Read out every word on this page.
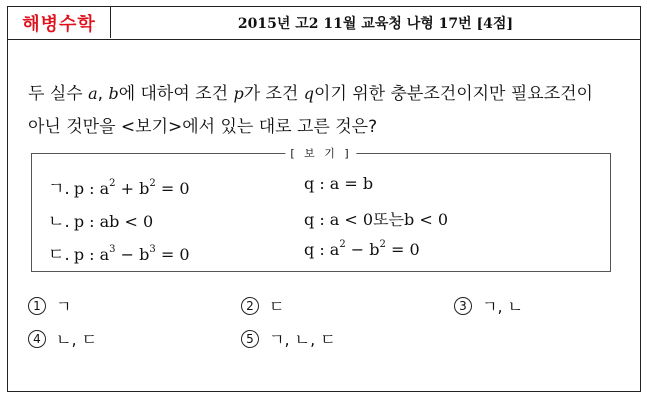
해병수학	2015년 고2 11월 교육청 나형 17번 [4점]
두 실수 a, b에 대하여 조건 p가 조건 q이기 위한 충분조건이지만 필요조건이
아닌 것만을 <보기>에서 있는 대로 고른 것은?
[ 보 기 ]
ㄱ. p : $a^2 + b^2 = 0$	q : a = b
ㄴ. p : ab < 0	q : a < 0 또는 b < 0
ㄷ. p : $a^3 - b^3 = 0$	q : $a^2 - b^2 = 0$
1 ㄱ	2 ㄷ	3 ㄱ, ㄴ
4 ㄴ, ㄷ	5 ㄱ, ㄴ, ㄷ
